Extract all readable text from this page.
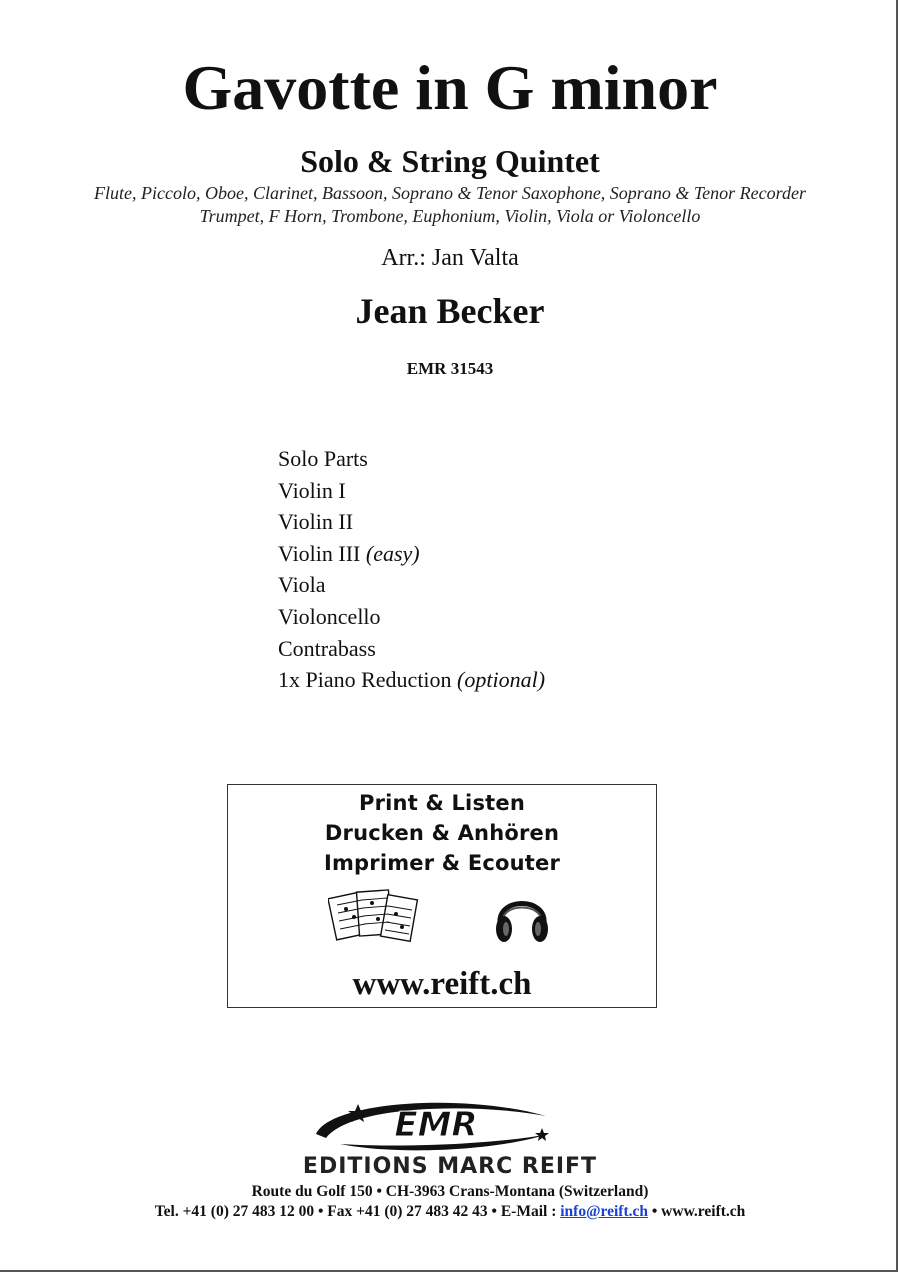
Gavotte in G minor
Solo & String Quintet
Flute, Piccolo, Oboe, Clarinet, Bassoon, Soprano & Tenor Saxophone, Soprano & Tenor Recorder
Trumpet, F Horn, Trombone, Euphonium, Violin, Viola or Violoncello
Arr.: Jan Valta
Jean Becker
EMR 31543
Solo Parts
Violin I
Violin II
Violin III (easy)
Viola
Violoncello
Contrabass
1x Piano Reduction (optional)
Print & Listen
Drucken & Anhören
Imprimer & Ecouter
www.reift.ch
EMR
EDITIONS MARC REIFT
Route du Golf 150 • CH-3963 Crans-Montana (Switzerland)
Tel. +41 (0) 27 483 12 00 • Fax +41 (0) 27 483 42 43 • E-Mail : info@reift.ch • www.reift.ch
